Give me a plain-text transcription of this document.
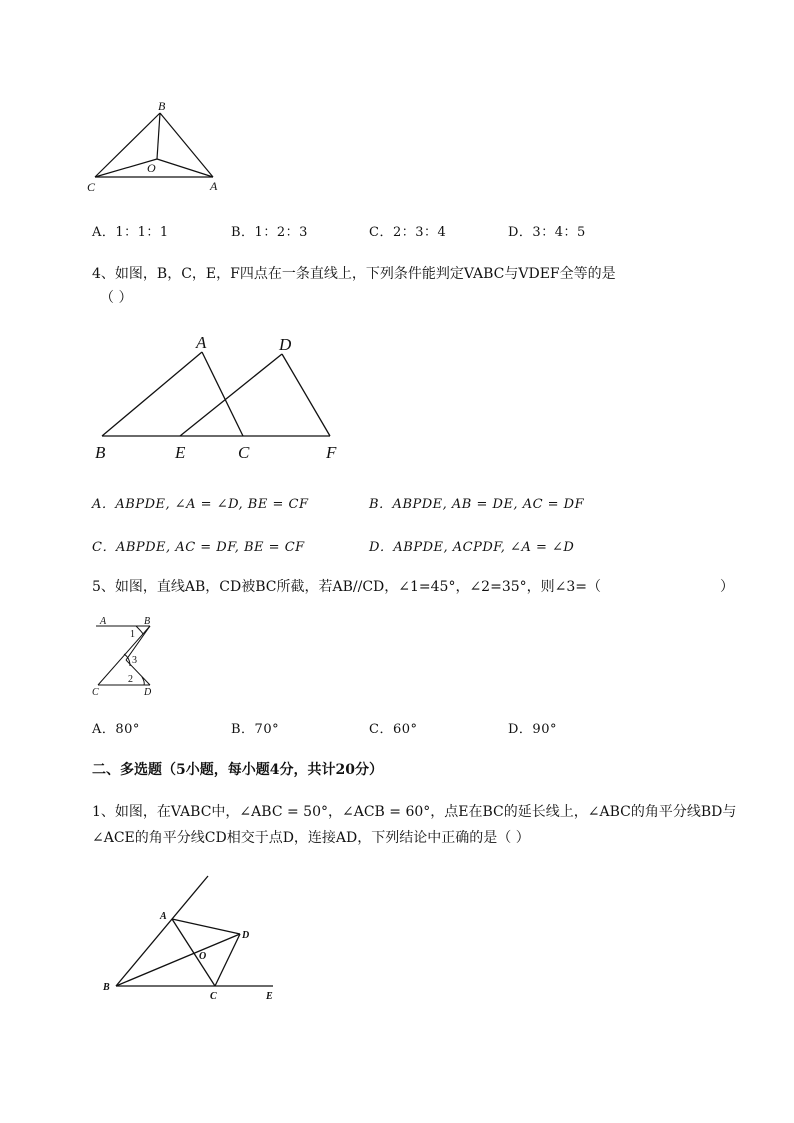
B
C
O
A
A．1：1：1	B．1：2：3	C．2：3：4	D．3：4：5
4、如图，B，C，E，F四点在一条直线上，下列条件能判定VABC与VDEF全等的是
（ ）
A	D
B	E	C	F
A．ABPDE, ∠A = ∠D, BE = CF	B．ABPDE, AB = DE, AC = DF
C．ABPDE, AC = DF, BE = CF	D．ABPDE, ACPDF, ∠A = ∠D
5、如图，直线AB，CD被BC所截，若AB//CD，∠1=45°，∠2=35°，则∠3=（	）
A	B
C	D
1
2
3
A．80°	B．70°	C．60°	D．90°
二、多选题（5小题，每小题4分，共计20分）
1、如图，在VABC中，∠ABC = 50°，∠ACB = 60°，点E在BC的延长线上，∠ABC的角平分线BD与
∠ACE的角平分线CD相交于点D，连接AD，下列结论中正确的是（ ）
A
B
C
D
E
O
